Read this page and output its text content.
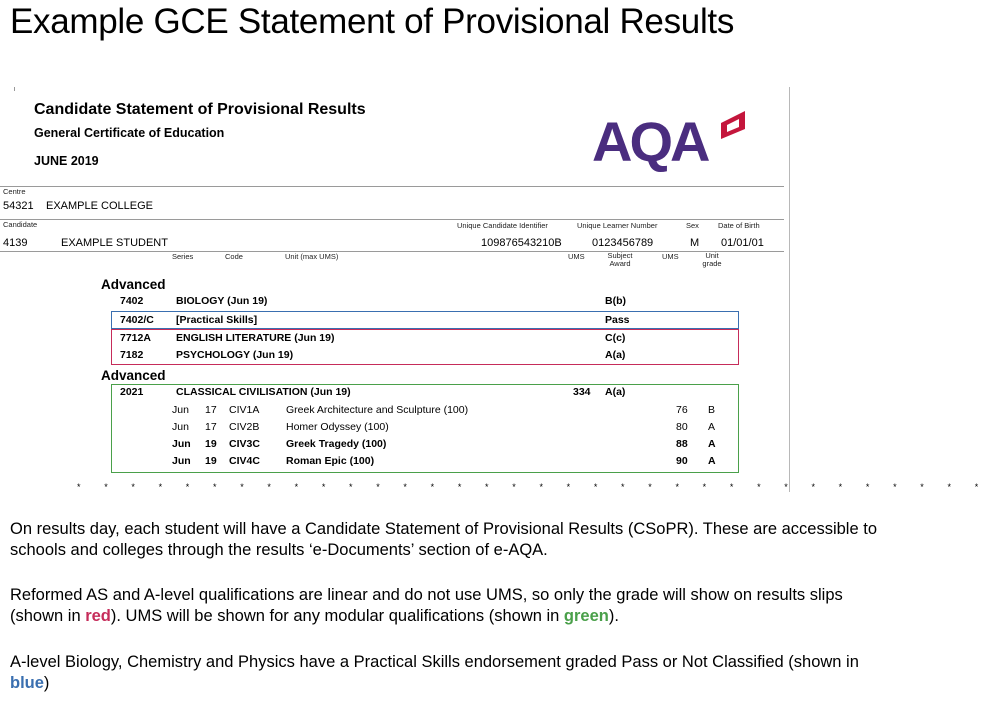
Example GCE Statement of Provisional Results
Candidate Statement of Provisional Results
General Certificate of Education
JUNE 2019	AQA
Centre
54321 EXAMPLE COLLEGE
Candidate	Unique Candidate Identifier	Unique Learner Number	Sex	Date of Birth
4139	EXAMPLE STUDENT	109876543210B	0123456789	M 01/01/01
Series	Code	Unit (max UMS)	UMS	Subject Award
UMS	Unit grade
Advanced
7402	BIOLOGY (Jun 19)	B(b)
7402/C [Practical Skills]	Pass
7712A ENGLISH LITERATURE (Jun 19)	C(c)
7182	PSYCHOLOGY (Jun 19)	A(a)
Advanced
2021	CLASSICAL CIVILISATION (Jun 19)	334 A(a)
Jun 17 CIV1A	Greek Architecture and Sculpture (100)	76 B
Jun 17 CIV2B	Homer Odyssey (100)	80 A
Jun 19 CIV3C Greek Tragedy (100)	88 A
Jun 19 CIV4C Roman Epic (100)	90 A
* * * * * * * * * * * * * * * * * * * * * * * * * * * * * * * * * *
On results day, each student will have a Candidate Statement of Provisional Results (CSoPR). These are accessible to schools and colleges through the results ‘e-Documents’ section of e-AQA.
Reformed AS and A-level qualifications are linear and do not use UMS, so only the grade will show on results slips (shown in red). UMS will be shown for any modular qualifications (shown in green).
A-level Biology, Chemistry and Physics have a Practical Skills endorsement graded Pass or Not Classified (shown in blue)
